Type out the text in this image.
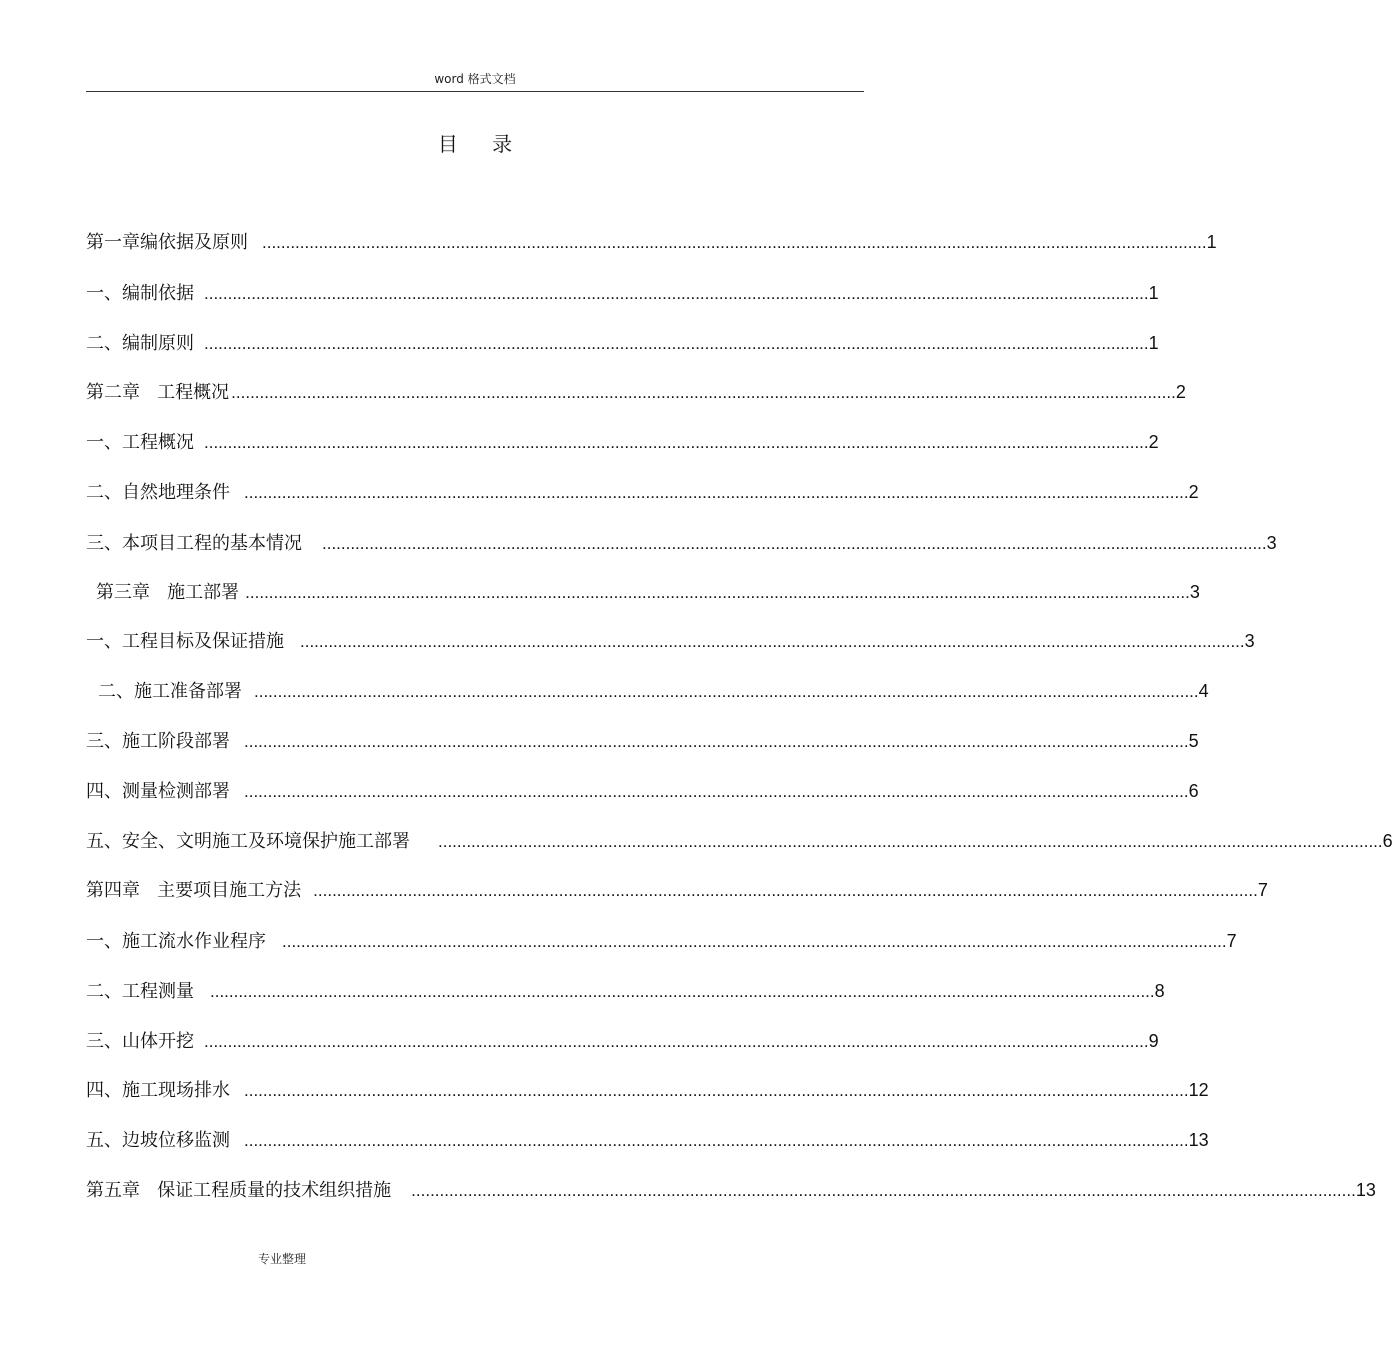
word 格式文档
目 录
第一章编依据及原则 ........................................................................................................................................................................................................ 1
一、编制依据 ........................................................................................................................................................................................................ 1
二、编制原则 ........................................................................................................................................................................................................ 1
第二章   工程概况 ........................................................................................................................................................................................................ 2
一、工程概况 ........................................................................................................................................................................................................ 2
二、自然地理条件 ........................................................................................................................................................................................................ 2
三、本项目工程的基本情况 ........................................................................................................................................................................................................ 3
第三章   施工部署 ........................................................................................................................................................................................................ 3
一、工程目标及保证措施 ........................................................................................................................................................................................................ 3
二、施工准备部署 ........................................................................................................................................................................................................ 4
三、施工阶段部署 ........................................................................................................................................................................................................ 5
四、测量检测部署 ........................................................................................................................................................................................................ 6
五、安全、文明施工及环境保护施工部署 ........................................................................................................................................................................................................ 6
第四章   主要项目施工方法 ........................................................................................................................................................................................................ 7
一、施工流水作业程序 ........................................................................................................................................................................................................ 7
二、工程测量 ........................................................................................................................................................................................................ 8
三、山体开挖 ........................................................................................................................................................................................................ 9
四、施工现场排水 ........................................................................................................................................................................................................ 12
五、边坡位移监测 ........................................................................................................................................................................................................ 13
第五章   保证工程质量的技术组织措施 ........................................................................................................................................................................................................ 13
专业整理
